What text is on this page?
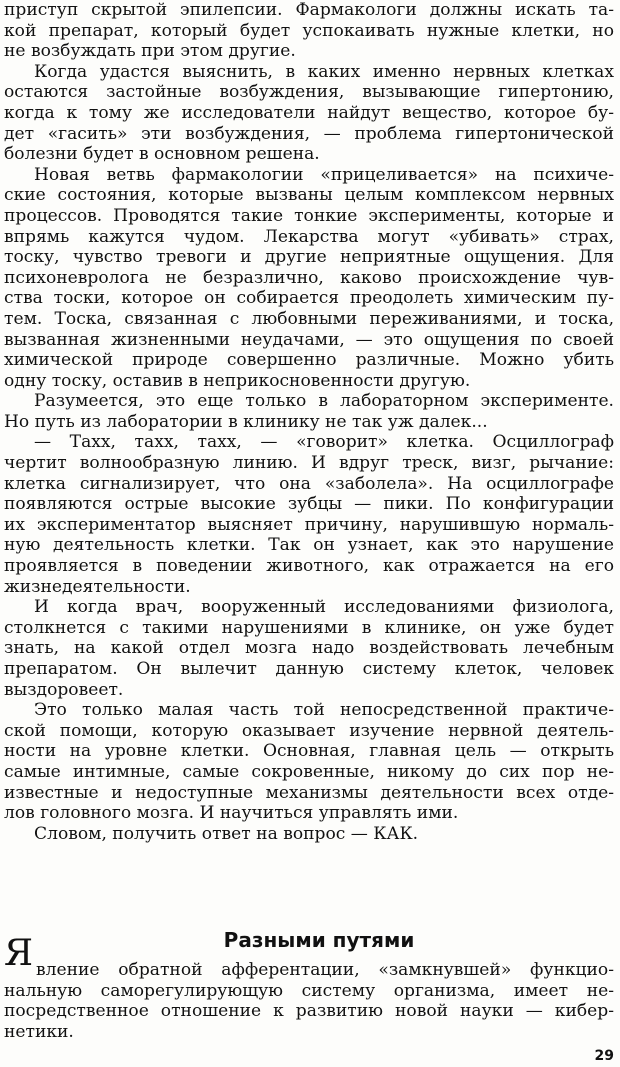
приступ скрытой эпилепсии. Фармакологи должны искать та-
кой препарат, который будет успокаивать нужные клетки, но
не возбуждать при этом другие.
Когда удастся выяснить, в каких именно нервных клетках
остаются застойные возбуждения, вызывающие гипертонию,
когда к тому же исследователи найдут вещество, которое бу-
дет «гасить» эти возбуждения, — проблема гипертонической
болезни будет в основном решена.
Новая ветвь фармакологии «прицеливается» на психиче-
ские состояния, которые вызваны целым комплексом нервных
процессов. Проводятся такие тонкие эксперименты, которые и
впрямь кажутся чудом. Лекарства могут «убивать» страх,
тоску, чувство тревоги и другие неприятные ощущения. Для
психоневролога не безразлично, каково происхождение чув-
ства тоски, которое он собирается преодолеть химическим пу-
тем. Тоска, связанная с любовными переживаниями, и тоска,
вызванная жизненными неудачами, — это ощущения по своей
химической природе совершенно различные. Можно убить
одну тоску, оставив в неприкосновенности другую.
Разумеется, это еще только в лабораторном эксперименте.
Но путь из лаборатории в клинику не так уж далек...
— Тахх, тахх, тахх, — «говорит» клетка. Осциллограф
чертит волнообразную линию. И вдруг треск, визг, рычание:
клетка сигнализирует, что она «заболела». На осциллографе
появляются острые высокие зубцы — пики. По конфигурации
их экспериментатор выясняет причину, нарушившую нормаль-
ную деятельность клетки. Так он узнает, как это нарушение
проявляется в поведении животного, как отражается на его
жизнедеятельности.
И когда врач, вооруженный исследованиями физиолога,
столкнется с такими нарушениями в клинике, он уже будет
знать, на какой отдел мозга надо воздействовать лечебным
препаратом. Он вылечит данную систему клеток, человек
выздоровеет.
Это только малая часть той непосредственной практиче-
ской помощи, которую оказывает изучение нервной деятель-
ности на уровне клетки. Основная, главная цель — открыть
самые интимные, самые сокровенные, никому до сих пор не-
известные и недоступные механизмы деятельности всех отде-
лов головного мозга. И научиться управлять ими.
Словом, получить ответ на вопрос — КАК.
Разными путями
Я вление обратной афферентации, «замкнувшей» функцио-
нальную саморегулирующую систему организма, имеет не-
посредственное отношение к развитию новой науки — кибер-
нетики.
29
